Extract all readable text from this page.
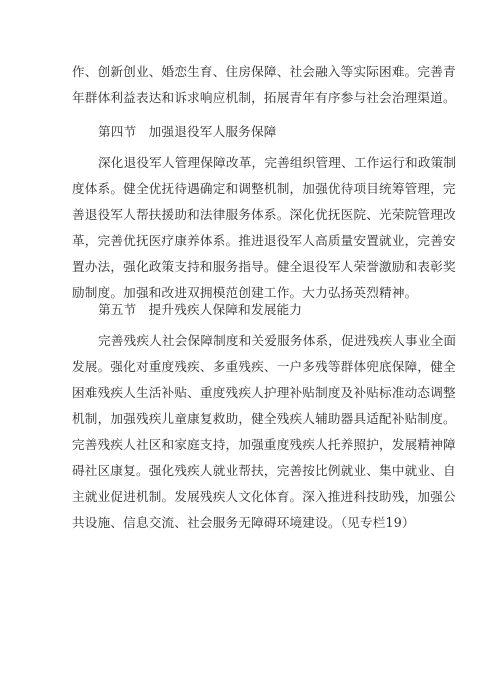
作、创新创业、婚恋生育、住房保障、社会融入等实际困难。完善青
年群体利益表达和诉求响应机制，拓展青年有序参与社会治理渠道。
第四节 加强退役军人服务保障
深化退役军人管理保障改革，完善组织管理、工作运行和政策制
度体系。健全优抚待遇确定和调整机制，加强优待项目统筹管理，完
善退役军人帮扶援助和法律服务体系。深化优抚医院、光荣院管理改
革，完善优抚医疗康养体系。推进退役军人高质量安置就业，完善安
置办法，强化政策支持和服务指导。健全退役军人荣誉激励和表彰奖
励制度。加强和改进双拥模范创建工作。大力弘扬英烈精神。
第五节 提升残疾人保障和发展能力
完善残疾人社会保障制度和关爱服务体系，促进残疾人事业全面
发展。强化对重度残疾、多重残疾、一户多残等群体兜底保障，健全
困难残疾人生活补贴、重度残疾人护理补贴制度及补贴标准动态调整
机制，加强残疾儿童康复救助，健全残疾人辅助器具适配补贴制度。
完善残疾人社区和家庭支持，加强重度残疾人托养照护，发展精神障
碍社区康复。强化残疾人就业帮扶，完善按比例就业、集中就业、自
主就业促进机制。发展残疾人文化体育。深入推进科技助残，加强公
共设施、信息交流、社会服务无障碍环境建设。（见专栏19）
